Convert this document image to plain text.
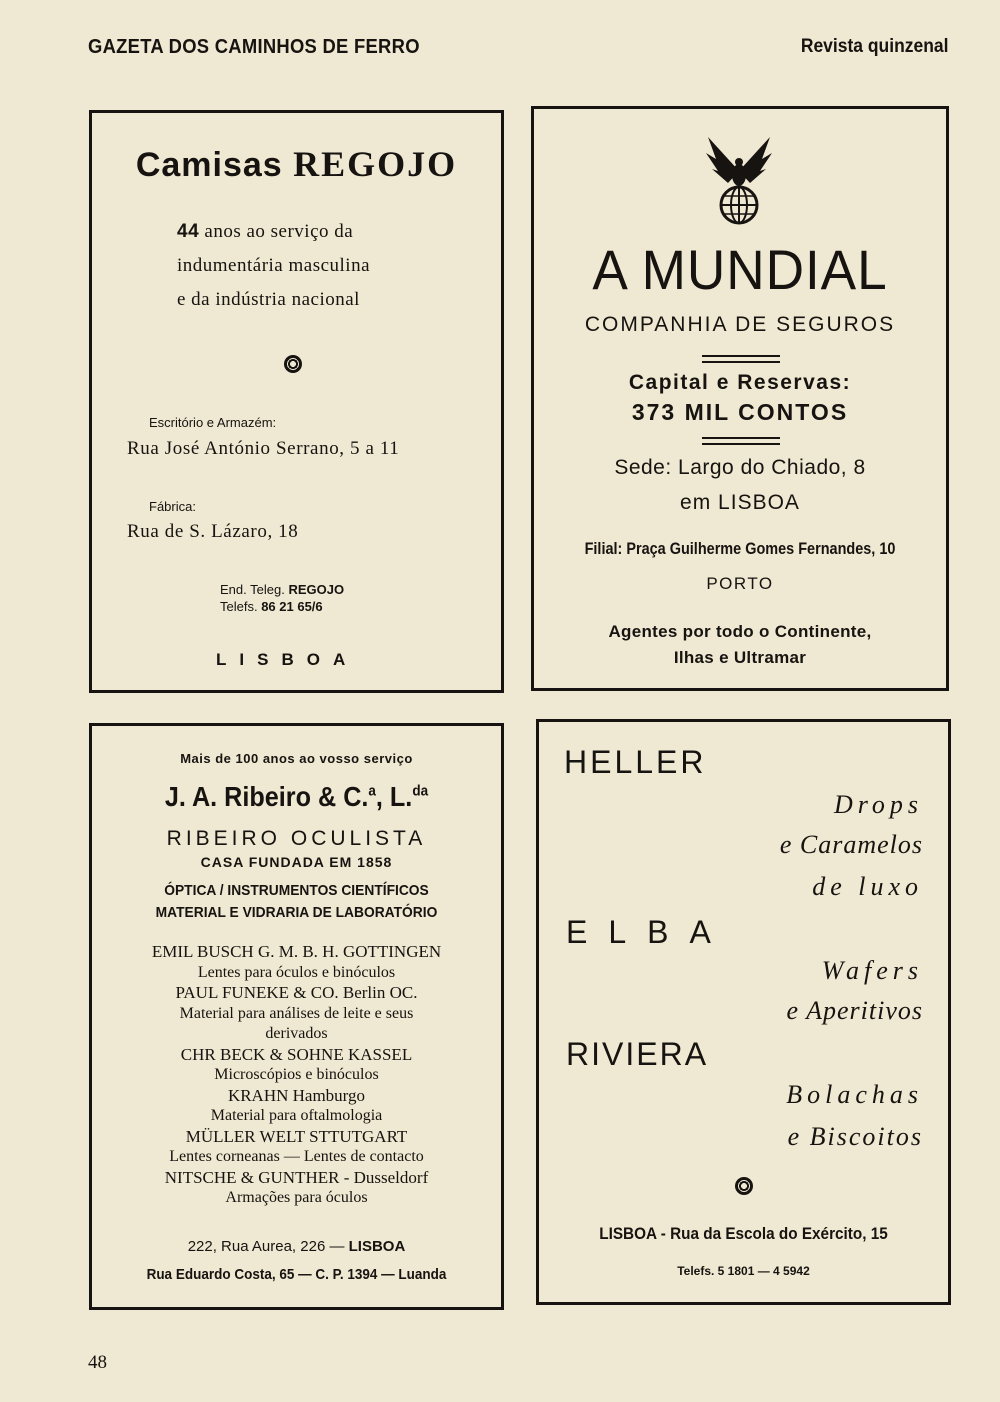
GAZETA DOS CAMINHOS DE FERRO	Revista quinzenal
Camisas REGOJO
44 anos ao serviço da
indumentária masculina
e da indústria nacional
Escritório e Armazém:
Rua José António Serrano, 5 a 11
Fábrica:
Rua de S. Lázaro, 18
End. Teleg. REGOJO
Telefs. 86 21 65/6
LISBOA
A MUNDIAL
COMPANHIA DE SEGUROS
Capital e Reservas:
373 MIL CONTOS
Sede: Largo do Chiado, 8
em LISBOA
Filial: Praça Guilherme Gomes Fernandes, 10
PORTO
Agentes por todo o Continente,
Ilhas e Ultramar
Mais de 100 anos ao vosso serviço
J. A. Ribeiro & C.$^a$, L.$^{da}$
RIBEIRO OCULISTA
CASA FUNDADA EM 1858
ÓPTICA / INSTRUMENTOS CIENTÍFICOS
MATERIAL E VIDRARIA DE LABORATÓRIO
EMIL BUSCH G. M. B. H. GOTTINGEN
Lentes para óculos e binóculos
PAUL FUNEKE & CO. Berlin OC.
Material para análises de leite e seus
derivados
CHR BECK & SOHNE KASSEL
Microscópios e binóculos
KRAHN Hamburgo
Material para oftalmologia
MÜLLER WELT STTUTGART
Lentes corneanas — Lentes de contacto
NITSCHE & GUNTHER - Dusseldorf
Armações para óculos
222, Rua Aurea, 226 — LISBOA
Rua Eduardo Costa, 65 — C. P. 1394 — Luanda
HELLER
Drops
e Caramelos
de luxo
ELBA
Wafers
e Aperitivos
RIVIERA
Bolachas
e Biscoitos
LISBOA - Rua da Escola do Exército, 15
Telefs. 5 1801 — 4 5942
48
